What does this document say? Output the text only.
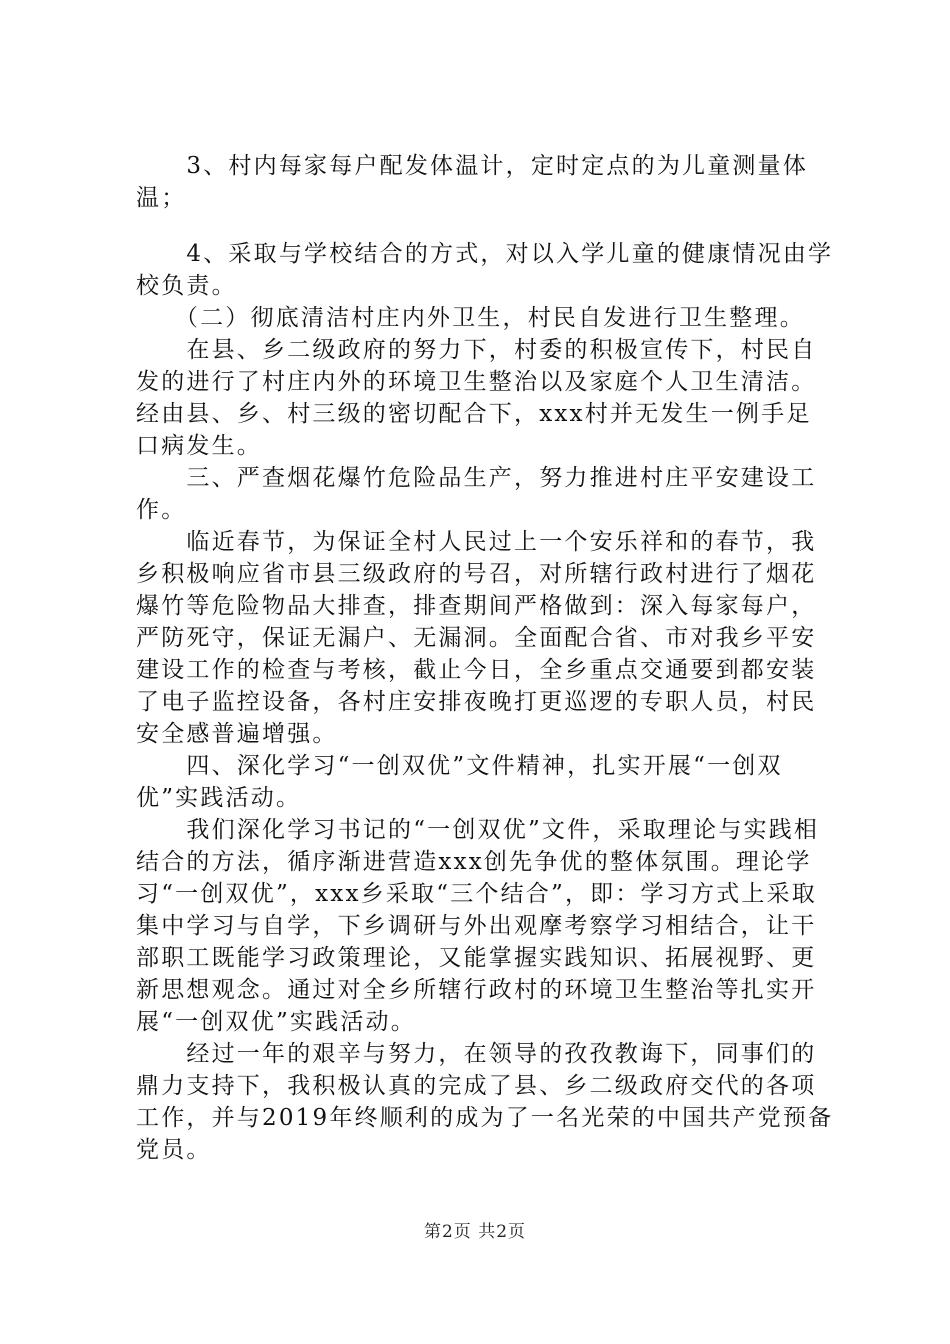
　　3、村内每家每户配发体温计，定时定点的为儿童测量体温；

　　4、采取与学校结合的方式，对以入学儿童的健康情况由学校负责。

　　（二）彻底清洁村庄内外卫生，村民自发进行卫生整理。

　　在县、乡二级政府的努力下，村委的积极宣传下，村民自发的进行了村庄内外的环境卫生整治以及家庭个人卫生清洁。经由县、乡、村三级的密切配合下，xxx村并无发生一例手足口病发生。

　　三、严查烟花爆竹危险品生产，努力推进村庄平安建设工作。

　　临近春节，为保证全村人民过上一个安乐祥和的春节，我乡积极响应省市县三级政府的号召，对所辖行政村进行了烟花爆竹等危险物品大排查，排查期间严格做到：深入每家每户，严防死守，保证无漏户、无漏洞。全面配合省、市对我乡平安建设工作的检查与考核，截止今日，全乡重点交通要到都安装了电子监控设备，各村庄安排夜晚打更巡逻的专职人员，村民安全感普遍增强。

　　四、深化学习“一创双优”文件精神，扎实开展“一创双优”实践活动。

　　我们深化学习书记的“一创双优”文件，采取理论与实践相结合的方法，循序渐进营造xxx创先争优的整体氛围。理论学习“一创双优”，xxx乡采取“三个结合”，即：学习方式上采取集中学习与自学，下乡调研与外出观摩考察学习相结合，让干部职工既能学习政策理论，又能掌握实践知识、拓展视野、更新思想观念。通过对全乡所辖行政村的环境卫生整治等扎实开展“一创双优”实践活动。

　　经过一年的艰辛与努力，在领导的孜孜教诲下，同事们的鼎力支持下，我积极认真的完成了县、乡二级政府交代的各项工作，并与2019年终顺利的成为了一名光荣的中国共产党预备党员。

第2页 共2页
